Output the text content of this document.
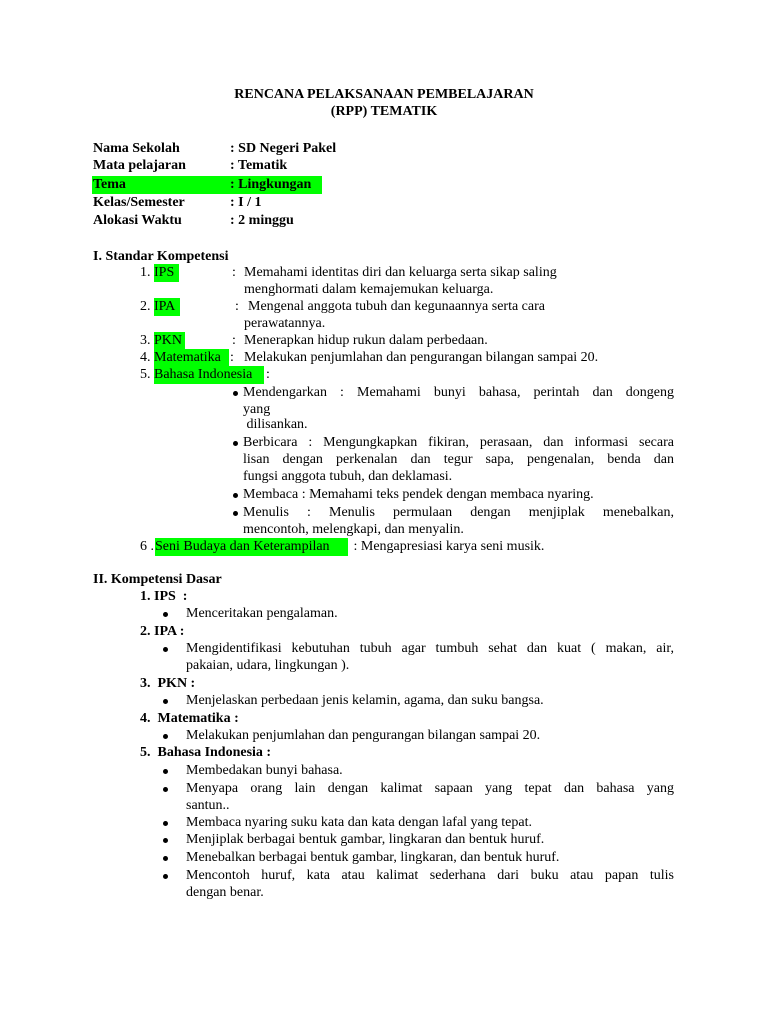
RENCANA PELAKSANAAN PEMBELAJARAN
(RPP) TEMATIK
Nama Sekolah	: SD Negeri Pakel
Mata pelajaran	: Tematik
Tema	: Lingkungan
Kelas/Semester	: I / 1
Alokasi Waktu	: 2 minggu
I. Standar Kompetensi
1. IPS	: Memahami identitas diri dan keluarga serta sikap saling
menghormati dalam kemajemukan keluarga.
2. IPA	: Mengenal anggota tubuh dan kegunaannya serta cara
perawatannya.
3. PKN	: Menerapkan hidup rukun dalam perbedaan.
4. Matematika : Melakukan penjumlahan dan pengurangan bilangan sampai 20.
5. Bahasa Indonesia :
Mendengarkan : Memahami bunyi bahasa, perintah dan dongeng
yang
dilisankan.
Berbicara : Mengungkapkan fikiran, perasaan, dan informasi secara
lisan dengan perkenalan dan tegur sapa, pengenalan, benda dan
fungsi anggota tubuh, dan deklamasi.
Membaca : Memahami teks pendek dengan membaca nyaring.
Menulis : Menulis permulaan dengan menjiplak menebalkan,
mencontoh, melengkapi, dan menyalin.
6 . Seni Budaya dan Keterampilan	: Mengapresiasi karya seni musik.
II. Kompetensi Dasar
1. IPS  :
Menceritakan pengalaman.
2. IPA :
Mengidentifikasi kebutuhan tubuh agar tumbuh sehat dan kuat ( makan, air,
pakaian, udara, lingkungan ).
3.  PKN :
Menjelaskan perbedaan jenis kelamin, agama, dan suku bangsa.
4.  Matematika :
Melakukan penjumlahan dan pengurangan bilangan sampai 20.
5.  Bahasa Indonesia :
Membedakan bunyi bahasa.
Menyapa orang lain dengan kalimat sapaan yang tepat dan bahasa yang
santun..
Membaca nyaring suku kata dan kata dengan lafal yang tepat.
Menjiplak berbagai bentuk gambar, lingkaran dan bentuk huruf.
Menebalkan berbagai bentuk gambar, lingkaran, dan bentuk huruf.
Mencontoh huruf, kata atau kalimat sederhana dari buku atau papan tulis
dengan benar.
